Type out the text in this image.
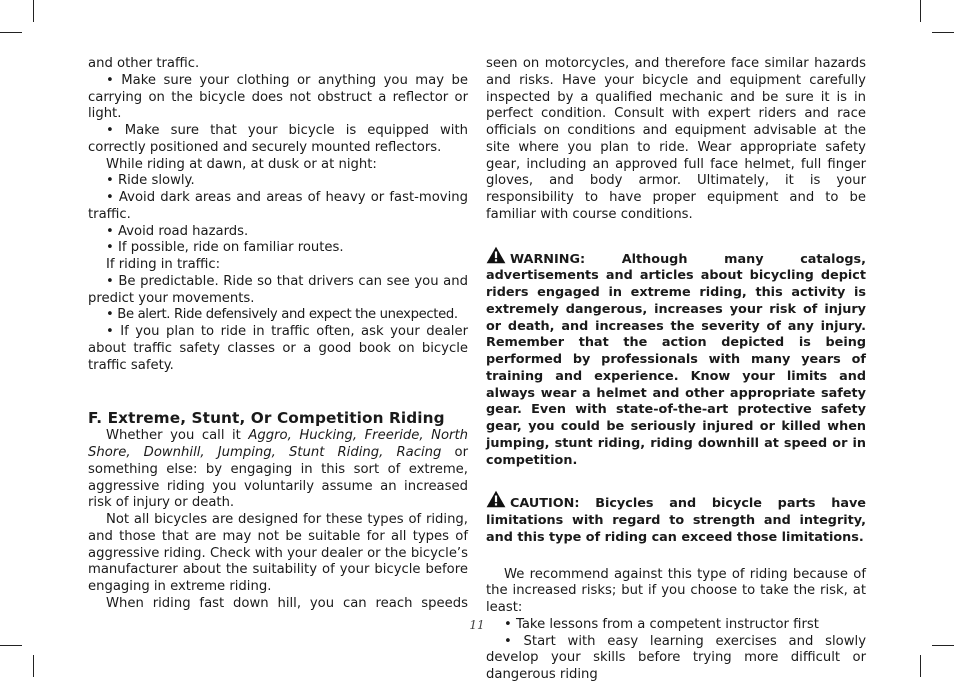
and other traffic.

• Make sure your clothing or anything you may be carrying on the bicycle does not obstruct a reflector or light.

• Make sure that your bicycle is equipped with correctly positioned and securely mounted reflectors.

While riding at dawn, at dusk or at night:

• Ride slowly.

• Avoid dark areas and areas of heavy or fast-moving traffic.

• Avoid road hazards.

• If possible, ride on familiar routes.

If riding in traffic:

• Be predictable. Ride so that drivers can see you and predict your movements.

• Be alert. Ride defensively and expect the unexpected.

• If you plan to ride in traffic often, ask your dealer about traffic safety classes or a good book on bicycle traffic safety.

F. Extreme, Stunt, Or Competition Riding

Whether you call it Aggro, Hucking, Freeride, North Shore, Downhill, Jumping, Stunt Riding, Racing or something else: by engaging in this sort of extreme, aggressive riding you voluntarily assume an increased risk of injury or death.

Not all bicycles are designed for these types of riding, and those that are may not be suitable for all types of aggressive riding. Check with your dealer or the bicycle’s manufacturer about the suitability of your bicycle before engaging in extreme riding.

When riding fast down hill, you can reach speeds

seen on motorcycles, and therefore face similar hazards and risks. Have your bicycle and equipment carefully inspected by a qualified mechanic and be sure it is in perfect condition. Consult with expert riders and race officials on conditions and equipment advisable at the site where you plan to ride. Wear appropriate safety gear, including an approved full face helmet, full finger gloves, and body armor. Ultimately, it is your responsibility to have proper equipment and to be familiar with course conditions.

WARNING: Although many catalogs, advertisements and articles about bicycling depict riders engaged in extreme riding, this activity is extremely dangerous, increases your risk of injury or death, and increases the severity of any injury. Remember that the action depicted is being performed by professionals with many years of training and experience. Know your limits and always wear a helmet and other appropriate safety gear. Even with state-of-the-art protective safety gear, you could be seriously injured or killed when jumping, stunt riding, riding downhill at speed or in competition.

CAUTION: Bicycles and bicycle parts have limitations with regard to strength and integrity, and this type of riding can exceed those limitations.

We recommend against this type of riding because of the increased risks; but if you choose to take the risk, at least:

• Take lessons from a competent instructor first

• Start with easy learning exercises and slowly develop your skills before trying more difficult or dangerous riding

11
